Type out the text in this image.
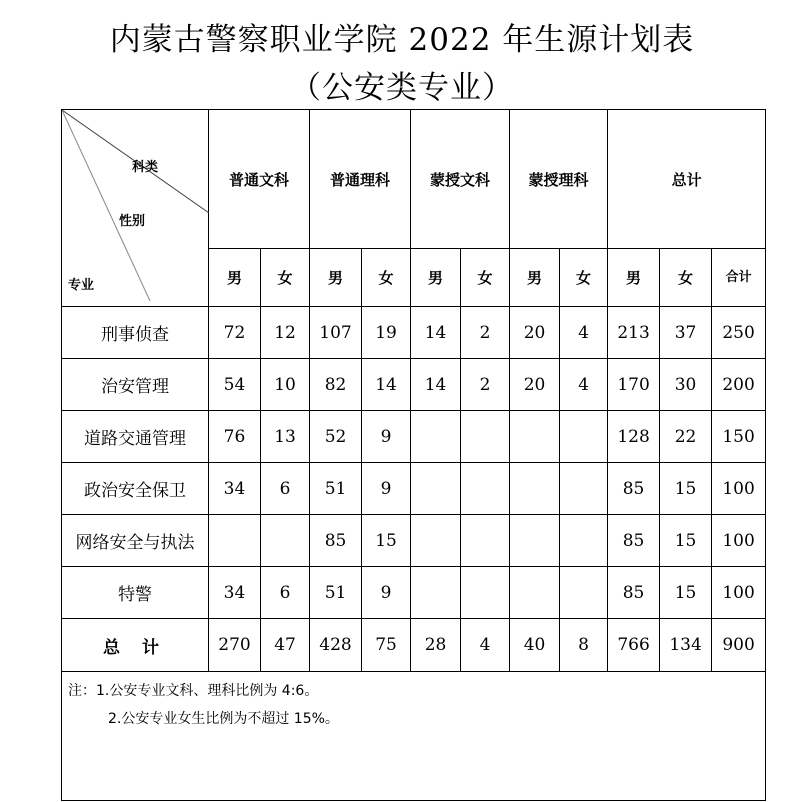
内蒙古警察职业学院 2022 年生源计划表
（公安类专业）
科类
性别
专业	普通文科		普通理科		蒙授文科		蒙授理科		总计		
	男	女	男	女	男	女	男	女	男	女	合计
刑事侦查	72	12	107	19	14	2	20	4	213	37	250
治安管理	54	10	82	14	14	2	20	4	170	30	200
道路交通管理	76	13	52	9					128	22	150
政治安全保卫	34	6	51	9					85	15	100
网络安全与执法			85	15					85	15	100
特警	34	6	51	9					85	15	100
总 计	270	47	428	75	28	4	40	8	766	134	900

注：1.公安专业文科、理科比例为 4:6。
2.公安专业女生比例为不超过 15%。											
